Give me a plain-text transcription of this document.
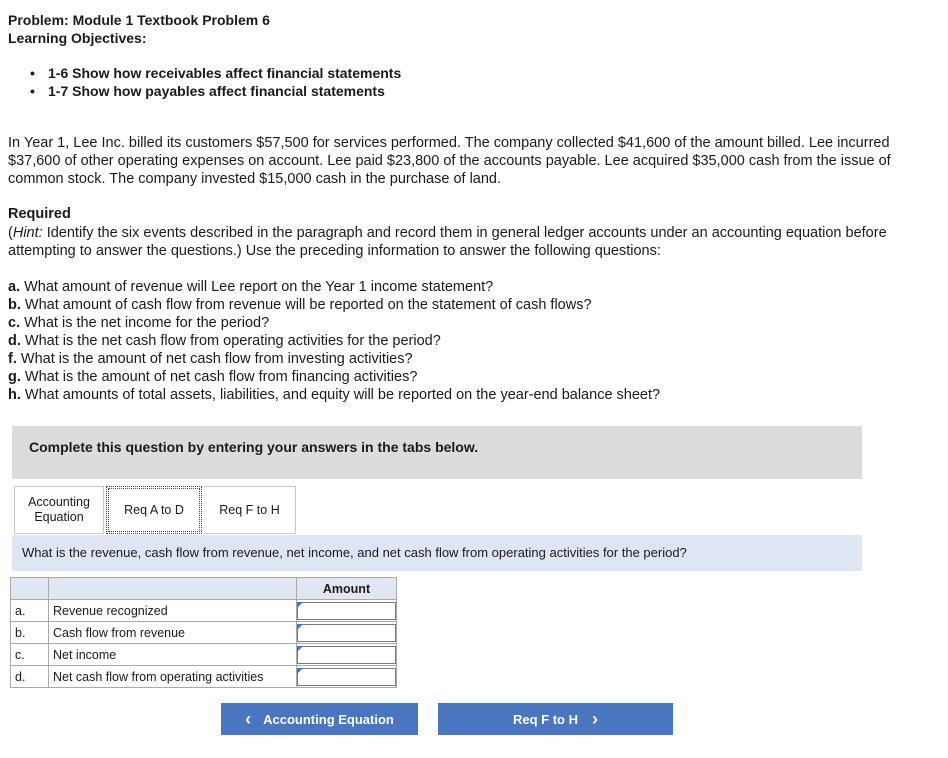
Problem: Module 1 Textbook Problem 6
Learning Objectives:
• 1-6 Show how receivables affect financial statements
• 1-7 Show how payables affect financial statements

In Year 1, Lee Inc. billed its customers $57,500 for services performed. The company collected $41,600 of the amount billed. Lee incurred $37,600 of other operating expenses on account. Lee paid $23,800 of the accounts payable. Lee acquired $35,000 cash from the issue of common stock. The company invested $15,000 cash in the purchase of land.

Required

(Hint: Identify the six events described in the paragraph and record them in general ledger accounts under an accounting equation before attempting to answer the questions.) Use the preceding information to answer the following questions:

a. What amount of revenue will Lee report on the Year 1 income statement?
b. What amount of cash flow from revenue will be reported on the statement of cash flows?
c. What is the net income for the period?
d. What is the net cash flow from operating activities for the period?
f. What is the amount of net cash flow from investing activities?
g. What is the amount of net cash flow from financing activities?
h. What amounts of total assets, liabilities, and equity will be reported on the year-end balance sheet?
Complete this question by entering your answers in the tabs below.
Accounting
Equation
Req A to D	Req F to H
What is the revenue, cash flow from revenue, net income, and net cash flow from operating activities for the period?
		Amount
a.	Revenue recognized	

b.	Cash flow from revenue	

c.	Net income	

d.	Net cash flow from operating activities	
‹ Accounting Equation	Req F to H ›
